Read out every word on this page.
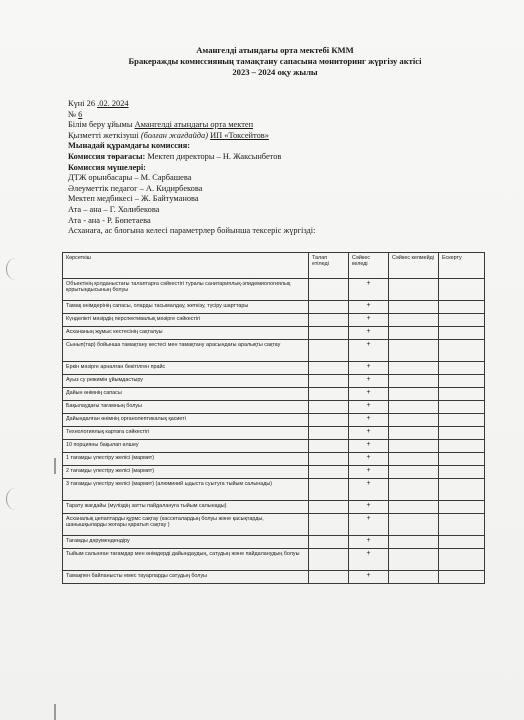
Амангелді атындағы орта мектебі КММ
Бракеражды комиссияның тамақтану сапасына мониторинг жүргізу актісі
2023 – 2024 оқу жылы
Күні 26 .02. 2024
№ 6
Білім беру ұйымы Амангелді атындағы орта мектеп
Қызметті жеткізуші (болған жағдайда) ИП «Токсейтов»
Мынадай құрамдағы комиссия:
Комиссия төрағасы: Мектеп директоры – Н. Жаксынбетов
Комиссия мүшелері:
ДТЖ орынбасары – М. Сарбашева
Әлеуметтік педагог – А. Кидирбекова
Мектеп медбикесі – Ж. Байтуманова
Ата – ана – Г. Холибекова
Ата - ана - Р. Бөпетаева
Асханаға, ас блогына келесі параметрлер бойынша тексеріс жүргізді:
Көрсеткіш	Талап етіледі	Сәйкес келеді	Сәйкес келмейді	Ескерту
Объектінің қолданыстағы талаптарға сәйкестігі туралы санитариялық-эпидемиологиялық қорытындысының болуы		+		
Тамақ өнімдерінің сапасы, оларды тасымалдау, жеткізу, түсіру шарттары		+		
Күнделікті мәзірдің перспективалық мәзірге сәйкестігі		+		
Асхананың жұмыс кестесінің сақталуы		+		
Сынып(тар) бойынша тамақтану кестесі мен тамақтану арасындағы аралықты сақтау		+		
Еркін мәзірге арналған бекітілген прайс		+		
Ауыз су режимін ұйымдастыру		+		
Дайын өнімнің сапасы		+		
Бақылаудағы тағамның болуы		+		
Дайындалған өнімнің органолептикалық қасиеті		+		
Технологиялық картаға сәйкестігі		+		
10 порцияны бақылап өлшеу		+		
1 тағамды үлестіру желісі (мармит)		+		
2 тағамды үлестіру желісі (мармит)		+		
3 тағамды үлестіру желісі (мармит) (алюминий ыдыста суытуға тыйым салынады)		+		
Тарату жағдайы (мүліздің затты пайдалануға тыйым салынады)		+		
Асханалық цепаптарды құрмс сақтау (кассеталардың болуы және қасықтарды, шанышқыларды жоғары қаратып сақтау )		+		
Тағамды дәрумендендіру		+		
Тыйым салынған тағамдар мен өнімдерді дайындаудың, сатудың және пайдаланудың болуы		+		
Тамақпен байланысты емес тауарларды сатудың болуы		+		
